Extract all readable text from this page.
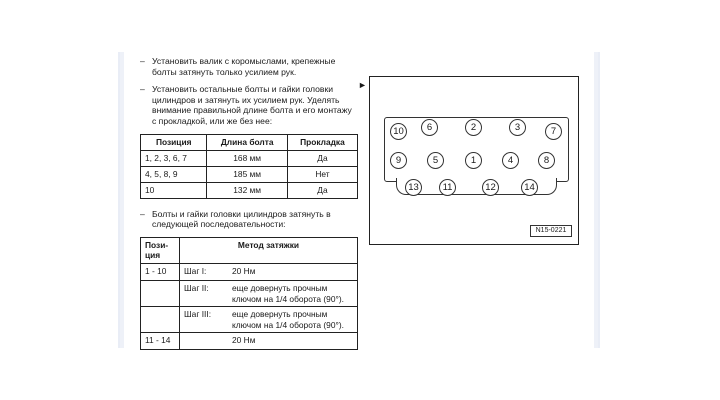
– Установить валик с коромыслами, крепежные болты затянуть только усилием рук.
– Установить остальные болты и гайки головки цилиндров и затянуть их усилием рук. Уделять внимание правильной длине болта и его монтажу с прокладкой, или же без нее:
Позиция	Длина болта	Прокладка
1, 2, 3, 6, 7	168 мм	Да
4, 5, 8, 9	185 мм	Нет
10	132 мм	Да
– Болты и гайки головки цилиндров затянуть в следующей последовательности:
Пози-ция	Метод затяжки	
1 - 10	Шаг I:	20 Нм
	Шаг II:	еще довернуть прочным ключом на 1/4 оборота (90°).
	Шаг III:	еще довернуть прочным ключом на 1/4 оборота (90°).
11 - 14		20 Нм
►
10	6	2	3	7
9	5	1	4	8
13	11	12	14
N15-0221
